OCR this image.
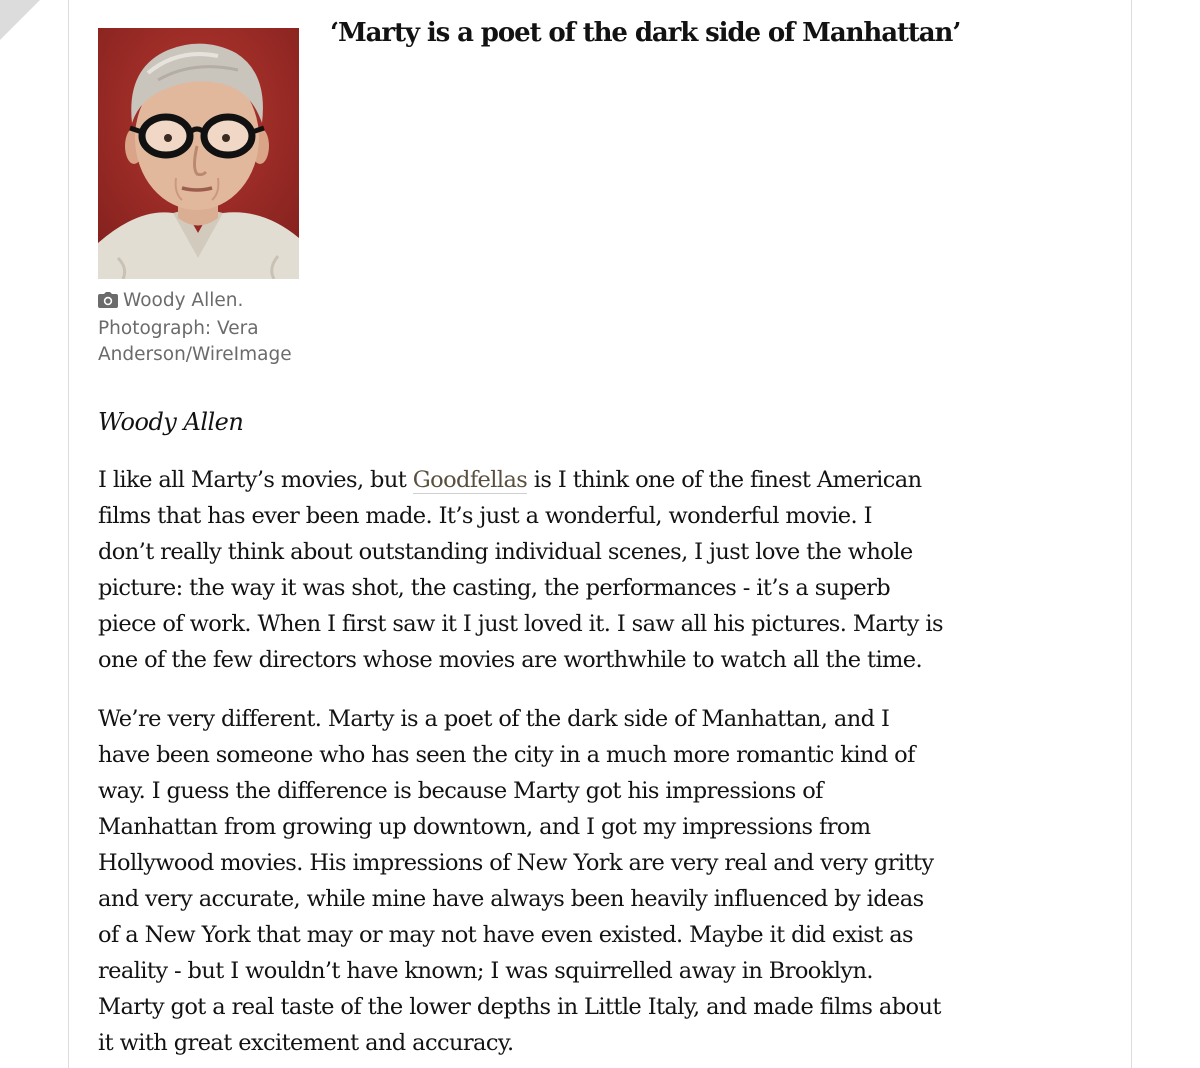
Woody Allen.
Photograph: Vera
Anderson/WireImage
‘Marty is a poet of the dark side of Manhattan’

Woody Allen

I like all Marty’s movies, but Goodfellas is I think one of the finest American
films that has ever been made. It’s just a wonderful, wonderful movie. I
don’t really think about outstanding individual scenes, I just love the whole
picture: the way it was shot, the casting, the performances - it’s a superb
piece of work. When I first saw it I just loved it. I saw all his pictures. Marty is
one of the few directors whose movies are worthwhile to watch all the time.

We’re very different. Marty is a poet of the dark side of Manhattan, and I
have been someone who has seen the city in a much more romantic kind of
way. I guess the difference is because Marty got his impressions of
Manhattan from growing up downtown, and I got my impressions from
Hollywood movies. His impressions of New York are very real and very gritty
and very accurate, while mine have always been heavily influenced by ideas
of a New York that may or may not have even existed. Maybe it did exist as
reality - but I wouldn’t have known; I was squirrelled away in Brooklyn.
Marty got a real taste of the lower depths in Little Italy, and made films about
it with great excitement and accuracy.
